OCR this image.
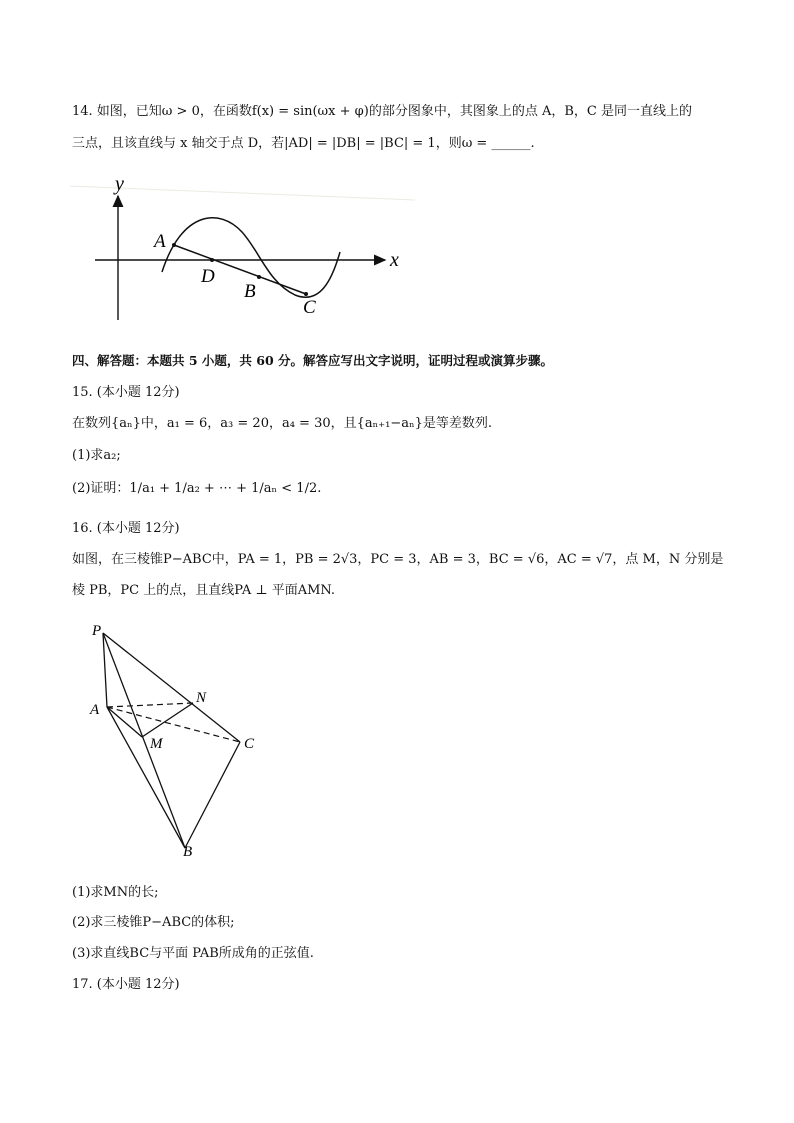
14. 如图，已知ω > 0，在函数f(x) = sin(ωx + φ)的部分图象中，其图象上的点 A，B，C 是同一直线上的
三点，且该直线与 x 轴交于点 D，若|AD| = |DB| = |BC| = 1，则ω = ______.
y
x
A
D
B
C
四、解答题：本题共 5 小题，共 60 分。解答应写出文字说明，证明过程或演算步骤。
15. (本小题 12分)
在数列{aₙ}中，a₁ = 6，a₃ = 20，a₄ = 30，且{aₙ₊₁−aₙ}是等差数列.
(1)求a₂;
(2)证明：1/a₁ + 1/a₂ + ⋯ + 1/aₙ < 1/2.
16. (本小题 12分)
如图，在三棱锥P−ABC中，PA = 1，PB = 2√3，PC = 3，AB = 3，BC = √6，AC = √7，点 M，N 分别是
棱 PB，PC 上的点，且直线PA ⊥ 平面AMN.
P
A
N
M	C
B
(1)求MN的长;
(2)求三棱锥P−ABC的体积;
(3)求直线BC与平面 PAB所成角的正弦值.
17. (本小题 12分)
